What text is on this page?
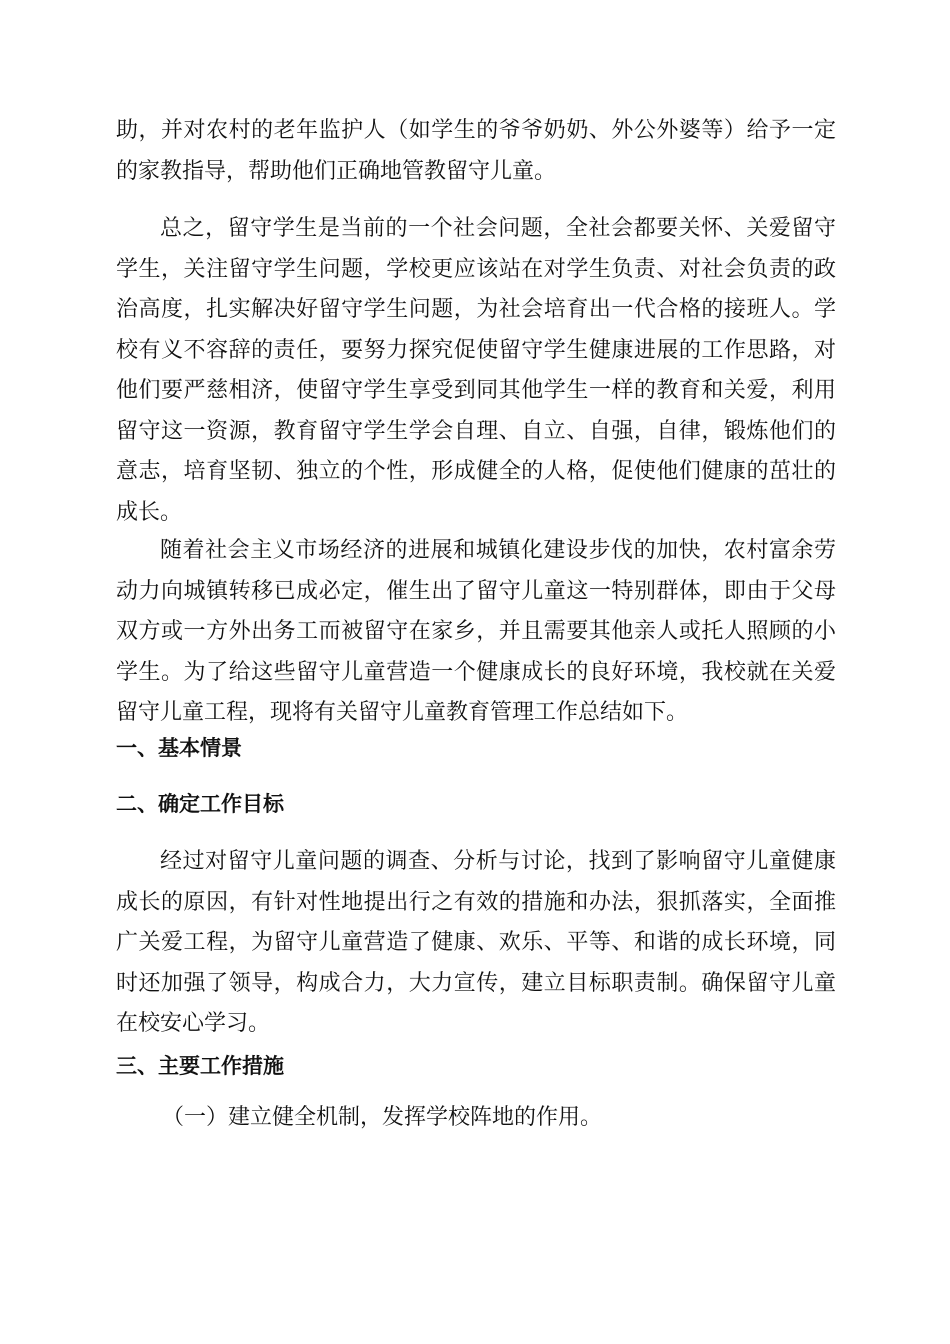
助，并对农村的老年监护人（如学生的爷爷奶奶、外公外婆等）给予一定的家教指导，帮助他们正确地管教留守儿童。

总之，留守学生是当前的一个社会问题，全社会都要关怀、关爱留守学生，关注留守学生问题，学校更应该站在对学生负责、对社会负责的政治高度，扎实解决好留守学生问题，为社会培育出一代合格的接班人。学校有义不容辞的责任，要努力探究促使留守学生健康进展的工作思路，对他们要严慈相济，使留守学生享受到同其他学生一样的教育和关爱，利用留守这一资源，教育留守学生学会自理、自立、自强，自律，锻炼他们的意志，培育坚韧、独立的个性，形成健全的人格，促使他们健康的茁壮的成长。

随着社会主义市场经济的进展和城镇化建设步伐的加快，农村富余劳动力向城镇转移已成必定，催生出了留守儿童这一特别群体，即由于父母双方或一方外出务工而被留守在家乡，并且需要其他亲人或托人照顾的小学生。为了给这些留守儿童营造一个健康成长的良好环境，我校就在关爱留守儿童工程，现将有关留守儿童教育管理工作总结如下。

一、基本情景
二、确定工作目标

经过对留守儿童问题的调查、分析与讨论，找到了影响留守儿童健康成长的原因，有针对性地提出行之有效的措施和办法，狠抓落实，全面推广关爱工程，为留守儿童营造了健康、欢乐、平等、和谐的成长环境，同时还加强了领导，构成合力，大力宣传，建立目标职责制。确保留守儿童在校安心学习。

三、主要工作措施

（一）建立健全机制，发挥学校阵地的作用。
